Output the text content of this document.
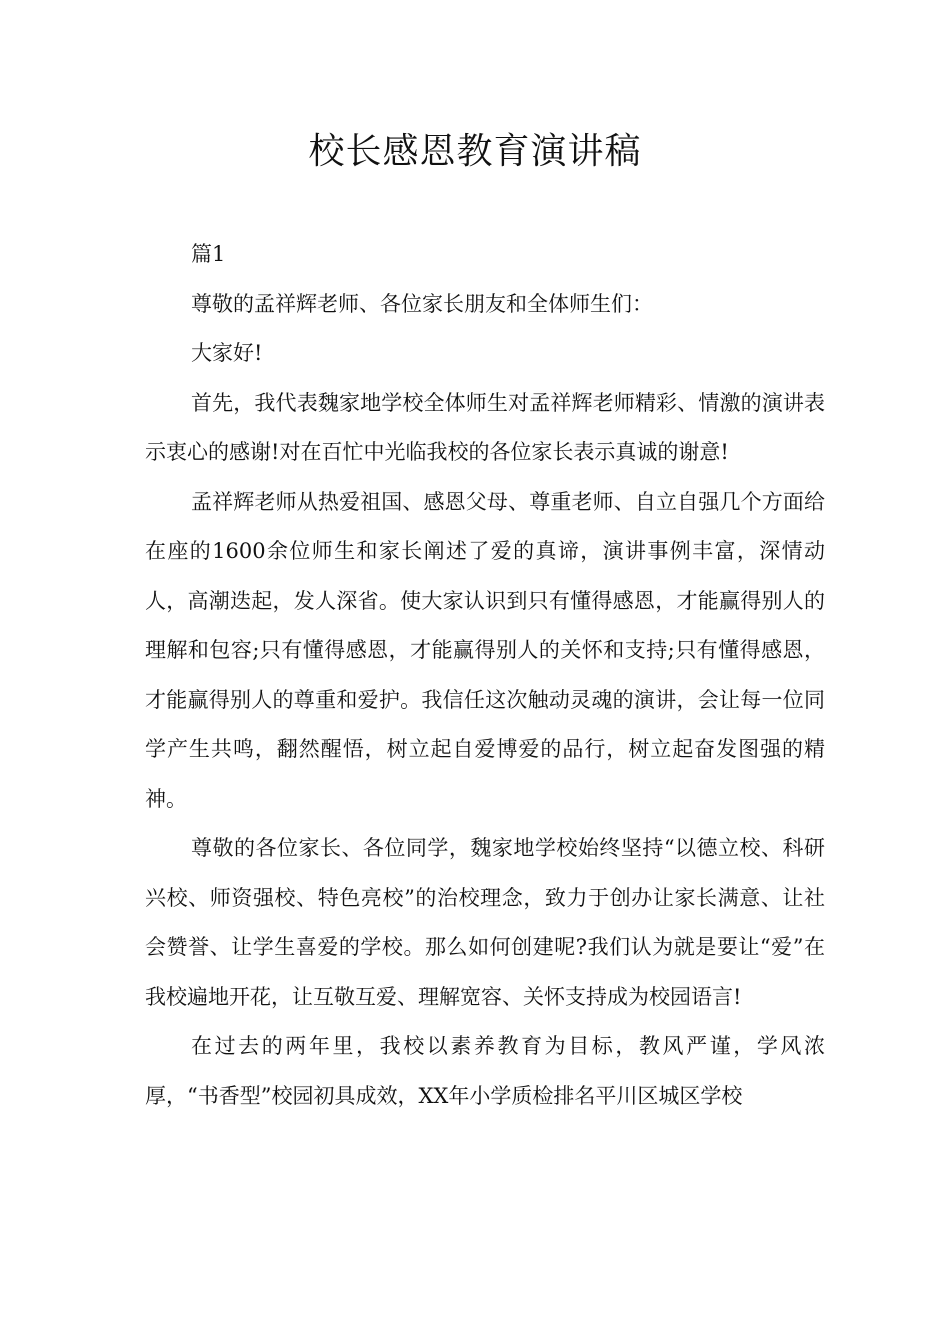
校长感恩教育演讲稿

篇1

尊敬的孟祥辉老师、各位家长朋友和全体师生们：

大家好!

首先，我代表魏家地学校全体师生对孟祥辉老师精彩、情激的演讲表示衷心的感谢!对在百忙中光临我校的各位家长表示真诚的谢意!

孟祥辉老师从热爱祖国、感恩父母、尊重老师、自立自强几个方面给在座的1600余位师生和家长阐述了爱的真谛，演讲事例丰富，深情动人，高潮迭起，发人深省。使大家认识到只有懂得感恩，才能赢得别人的理解和包容;只有懂得感恩，才能赢得别人的关怀和支持;只有懂得感恩，才能赢得别人的尊重和爱护。我信任这次触动灵魂的演讲，会让每一位同学产生共鸣，翻然醒悟，树立起自爱博爱的品行，树立起奋发图强的精神。

尊敬的各位家长、各位同学，魏家地学校始终坚持“以德立校、科研兴校、师资强校、特色亮校”的治校理念，致力于创办让家长满意、让社会赞誉、让学生喜爱的学校。那么如何创建呢?我们认为就是要让“爱”在我校遍地开花，让互敬互爱、理解宽容、关怀支持成为校园语言!

在过去的两年里，我校以素养教育为目标，教风严谨，学风浓厚，“书香型”校园初具成效，XX年小学质检排名平川区城区学校
